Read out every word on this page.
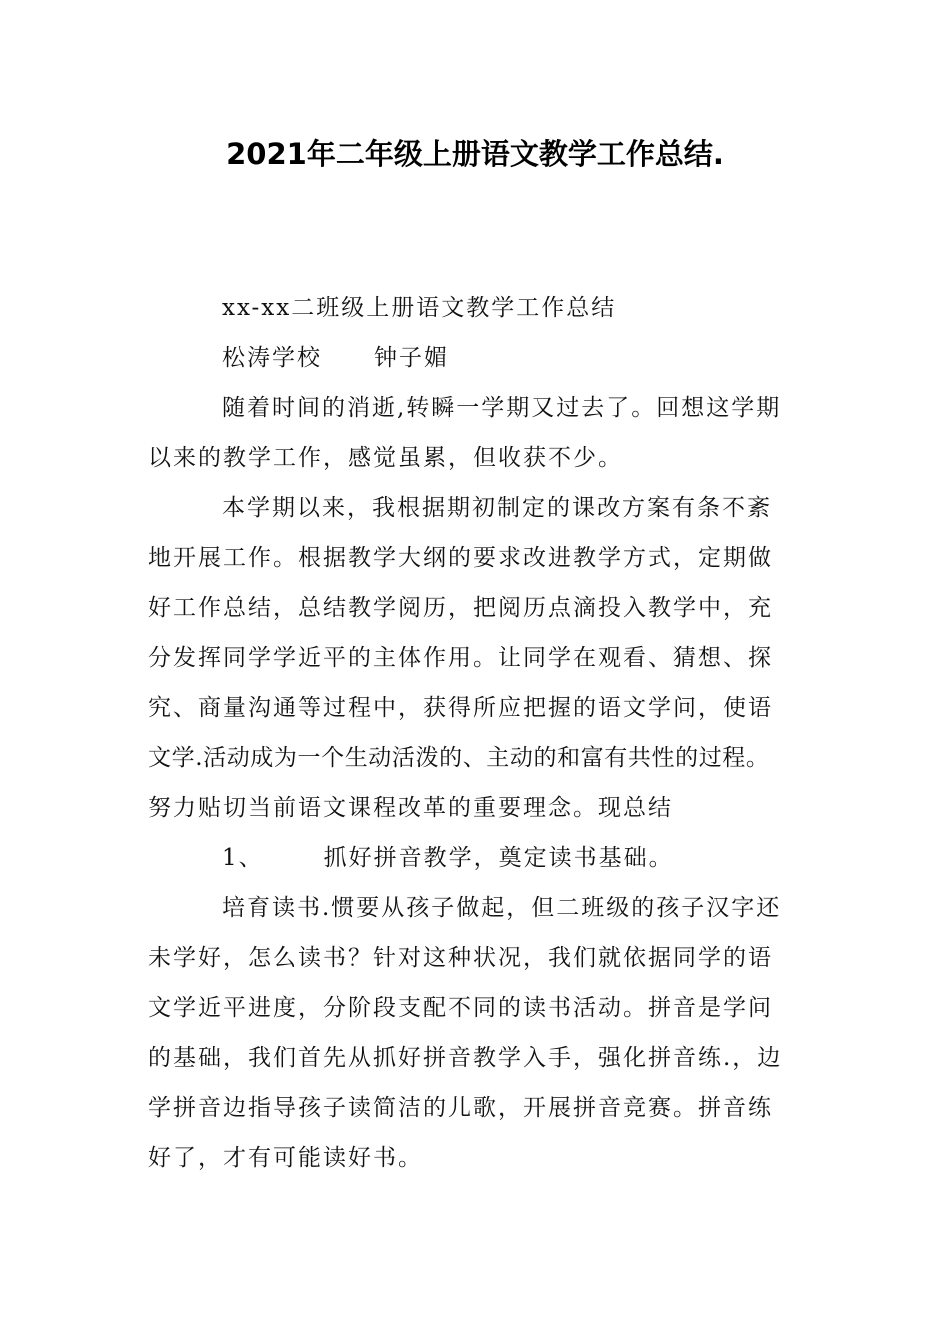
2021年二年级上册语文教学工作总结.

xx-xx二班级上册语文教学工作总结

松涛学校 钟子媚

随着时间的消逝,转瞬一学期又过去了。回想这学期

以来的教学工作，感觉虽累，但收获不少。

本学期以来，我根据期初制定的课改方案有条不紊

地开展工作。根据教学大纲的要求改进教学方式，定期做

好工作总结，总结教学阅历，把阅历点滴投入教学中，充

分发挥同学学近平的主体作用。让同学在观看、猜想、探

究、商量沟通等过程中，获得所应把握的语文学问，使语

文学.活动成为一个生动活泼的、主动的和富有共性的过程。

努力贴切当前语文课程改革的重要理念。现总结

1、	抓好拼音教学，奠定读书基础。

培育读书.惯要从孩子做起，但二班级的孩子汉字还

未学好，怎么读书？针对这种状况，我们就依据同学的语

文学近平进度，分阶段支配不同的读书活动。拼音是学问

的基础，我们首先从抓好拼音教学入手，强化拼音练.，边

学拼音边指导孩子读简洁的儿歌，开展拼音竞赛。拼音练

好了，才有可能读好书。
